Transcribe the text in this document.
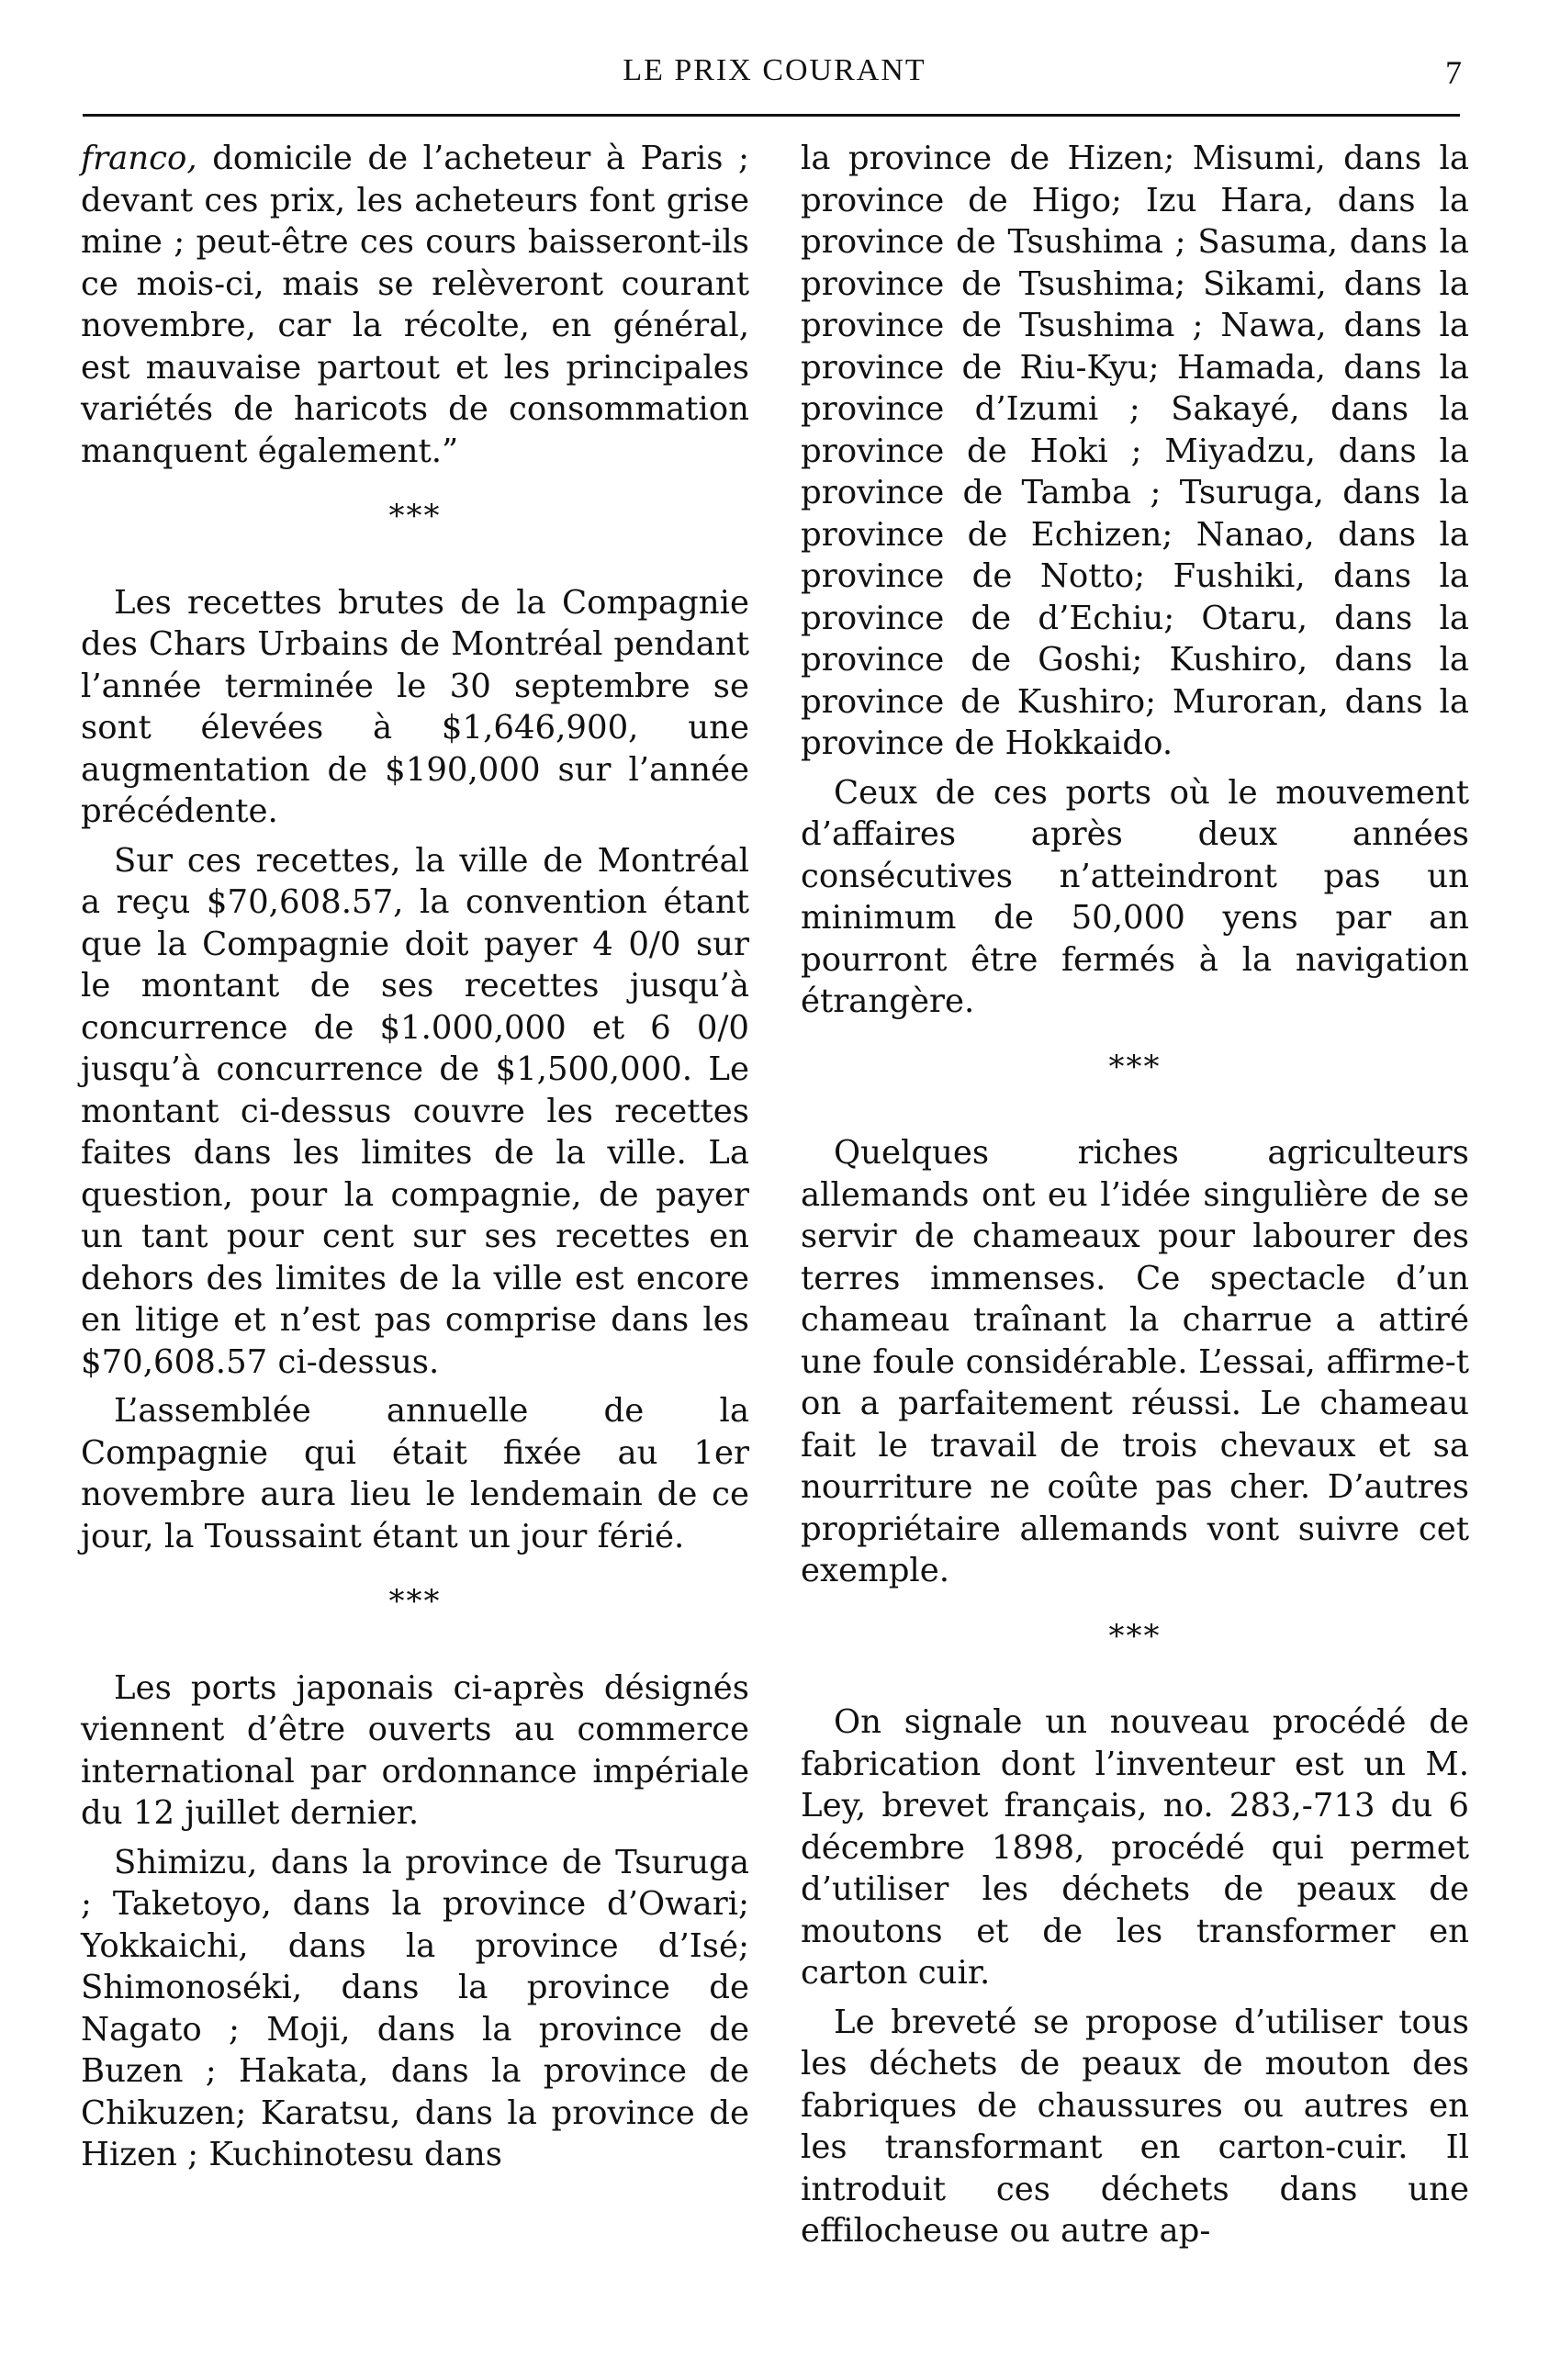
LE PRIX COURANT	7

franco, domicile de l’acheteur à Paris ; devant ces prix, les acheteurs font grise mine ; peut-être ces cours baisseront-ils ce mois-ci, mais se relèveront courant novembre, car la récolte, en général, est mauvaise partout et les principales variétés de haricots de consommation manquent également.”

***

Les recettes brutes de la Compagnie des Chars Urbains de Montréal pendant l’année terminée le 30 septembre se sont élevées à $1,646,900, une augmentation de $190,000 sur l’année précédente.

Sur ces recettes, la ville de Montréal a reçu $70,608.57, la convention étant que la Compagnie doit payer 4 0/0 sur le montant de ses recettes jusqu’à concurrence de $1.000,000 et 6 0/0 jusqu’à concurrence de $1,500,000. Le montant ci-dessus couvre les recettes faites dans les limites de la ville. La question, pour la compagnie, de payer un tant pour cent sur ses recettes en dehors des limites de la ville est encore en litige et n’est pas comprise dans les $70,608.57 ci-dessus.

L’assemblée annuelle de la Compagnie qui était fixée au 1er novembre aura lieu le lendemain de ce jour, la Toussaint étant un jour férié.

***

Les ports japonais ci-après désignés viennent d’être ouverts au commerce international par ordonnance impériale du 12 juillet dernier.

Shimizu, dans la province de Tsuruga ; Taketoyo, dans la province d’Owari; Yokkaichi, dans la province d’Isé; Shimonoséki, dans la province de Nagato ; Moji, dans la province de Buzen ; Hakata, dans la province de Chikuzen; Karatsu, dans la province de Hizen ; Kuchinotesu dans

la province de Hizen; Misumi, dans la province de Higo; Izu Hara, dans la province de Tsushima ; Sasuma, dans la province de Tsushima; Sikami, dans la province de Tsushima ; Nawa, dans la province de Riu-Kyu; Hamada, dans la province d’Izumi ; Sakayé, dans la province de Hoki ; Miyadzu, dans la province de Tamba ; Tsuruga, dans la province de Echizen; Nanao, dans la province de Notto; Fushiki, dans la province de d’Echiu; Otaru, dans la province de Goshi; Kushiro, dans la province de Kushiro; Muroran, dans la province de Hokkaido.

Ceux de ces ports où le mouvement d’affaires après deux années consécutives n’atteindront pas un minimum de 50,000 yens par an pourront être fermés à la navigation étrangère.

***

Quelques riches agriculteurs allemands ont eu l’idée singulière de se servir de chameaux pour labourer des terres immenses. Ce spectacle d’un chameau traînant la charrue a attiré une foule considérable. L’essai, affirme-t on a parfaitement réussi. Le chameau fait le travail de trois chevaux et sa nourriture ne coûte pas cher. D’autres propriétaire allemands vont suivre cet exemple.

***

On signale un nouveau procédé de fabrication dont l’inventeur est un M. Ley, brevet français, no. 283,-713 du 6 décembre 1898, procédé qui permet d’utiliser les déchets de peaux de moutons et de les transformer en carton cuir.

Le breveté se propose d’utiliser tous les déchets de peaux de mouton des fabriques de chaussures ou autres en les transformant en carton-cuir. Il introduit ces déchets dans une effilocheuse ou autre ap-
